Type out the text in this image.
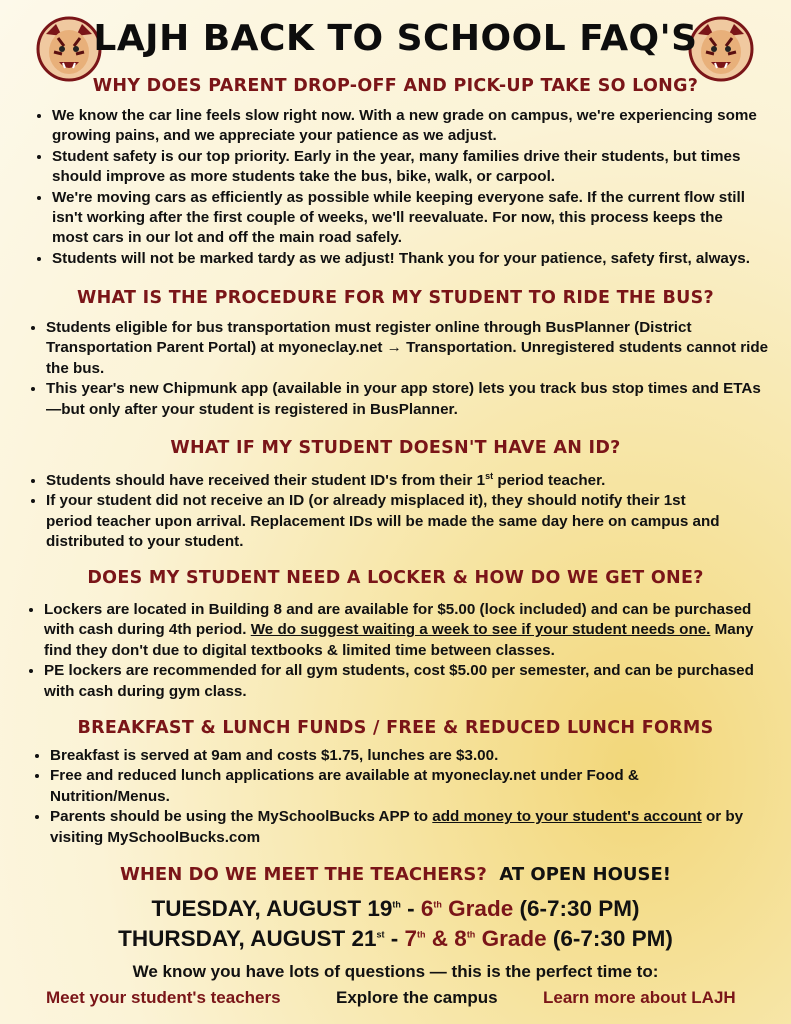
LAJH BACK TO SCHOOL FAQ'S
WHY DOES PARENT DROP-OFF AND PICK-UP TAKE SO LONG?
• We know the car line feels slow right now. With a new grade on campus, we're experiencing some growing pains, and we appreciate your patience as we adjust.
• Student safety is our top priority. Early in the year, many families drive their students, but times should improve as more students take the bus, bike, walk, or carpool.
• We're moving cars as efficiently as possible while keeping everyone safe. If the current flow still isn't working after the first couple of weeks, we'll reevaluate. For now, this process keeps the most cars in our lot and off the main road safely.
• Students will not be marked tardy as we adjust! Thank you for your patience, safety first, always.
WHAT IS THE PROCEDURE FOR MY STUDENT TO RIDE THE BUS?
• Students eligible for bus transportation must register online through BusPlanner (District Transportation Parent Portal) at myoneclay.net → Transportation. Unregistered students cannot ride the bus.
• This year's new Chipmunk app (available in your app store) lets you track bus stop times and ETAs—but only after your student is registered in BusPlanner.
WHAT IF MY STUDENT DOESN'T HAVE AN ID?
• Students should have received their student ID's from their 1st period teacher.
• If your student did not receive an ID (or already misplaced it), they should notify their 1st period teacher upon arrival. Replacement IDs will be made the same day here on campus and distributed to your student.
DOES MY STUDENT NEED A LOCKER & HOW DO WE GET ONE?
• Lockers are located in Building 8 and are available for $5.00 (lock included) and can be purchased with cash during 4th period. We do suggest waiting a week to see if your student needs one. Many find they don't due to digital textbooks & limited time between classes.
• PE lockers are recommended for all gym students, cost $5.00 per semester, and can be purchased with cash during gym class.
BREAKFAST & LUNCH FUNDS / FREE & REDUCED LUNCH FORMS
• Breakfast is served at 9am and costs $1.75, lunches are $3.00.
• Free and reduced lunch applications are available at myoneclay.net under Food & Nutrition/Menus.
• Parents should be using the MySchoolBucks APP to add money to your student's account or by visiting MySchoolBucks.com
WHEN DO WE MEET THE TEACHERS? AT OPEN HOUSE!
TUESDAY, AUGUST 19th - 6th Grade (6-7:30 PM)
THURSDAY, AUGUST 21st - 7th & 8th Grade (6-7:30 PM)
We know you have lots of questions — this is the perfect time to:
Meet your student's teachers	Explore the campus	Learn more about LAJH
